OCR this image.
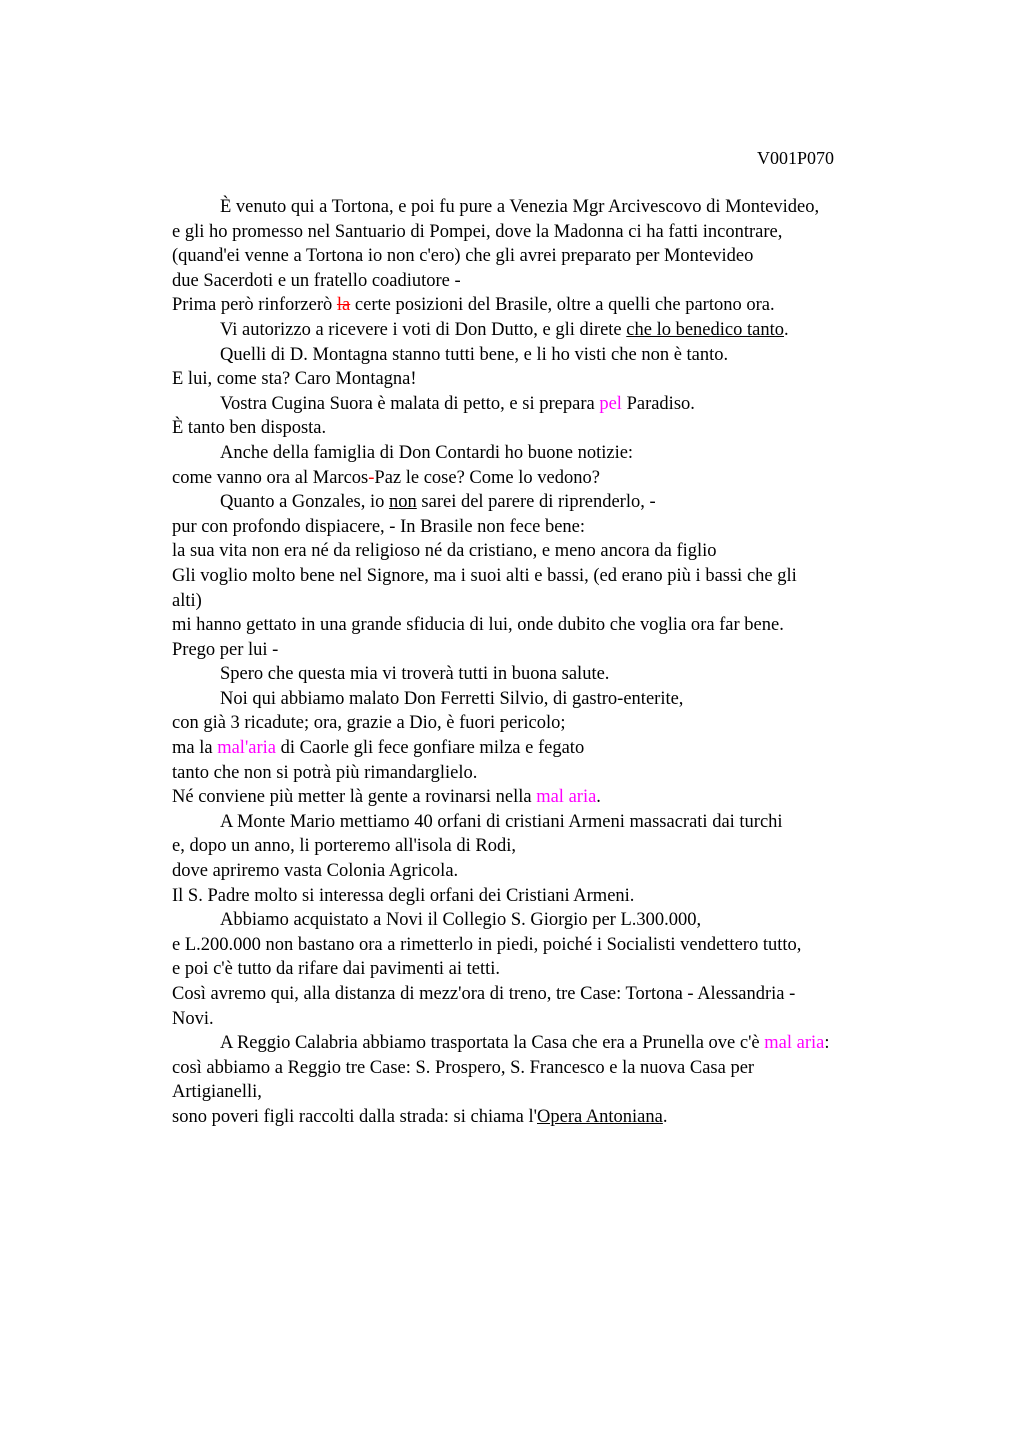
V001P070
È venuto qui a Tortona, e poi fu pure a Venezia Mgr Arcivescovo di Montevideo,
e gli ho promesso nel Santuario di Pompei, dove la Madonna ci ha fatti incontrare,
(quand'ei venne a Tortona io non c'ero) che gli avrei preparato per Montevideo
due Sacerdoti e un fratello coadiutore -
Prima però rinforzerò la certe posizioni del Brasile, oltre a quelli che partono ora.
Vi autorizzo a ricevere i voti di Don Dutto, e gli direte che lo benedico tanto.
Quelli di D. Montagna stanno tutti bene, e li ho visti che non è tanto.
E lui, come sta? Caro Montagna!
Vostra Cugina Suora è malata di petto, e si prepara pel Paradiso.
È tanto ben disposta.
Anche della famiglia di Don Contardi ho buone notizie:
come vanno ora al Marcos-Paz le cose? Come lo vedono?
Quanto a Gonzales, io non sarei del parere di riprenderlo, -
pur con profondo dispiacere, - In Brasile non fece bene:
la sua vita non era né da religioso né da cristiano, e meno ancora da figlio
Gli voglio molto bene nel Signore, ma i suoi alti e bassi, (ed erano più i bassi che gli
alti)
mi hanno gettato in una grande sfiducia di lui, onde dubito che voglia ora far bene.
Prego per lui -
Spero che questa mia vi troverà tutti in buona salute.
Noi qui abbiamo malato Don Ferretti Silvio, di gastro-enterite,
con già 3 ricadute; ora, grazie a Dio, è fuori pericolo;
ma la mal'aria di Caorle gli fece gonfiare milza e fegato
tanto che non si potrà più rimandarglielo.
Né conviene più metter là gente a rovinarsi nella mal aria.
A Monte Mario mettiamo 40 orfani di cristiani Armeni massacrati dai turchi
e, dopo un anno, li porteremo all'isola di Rodi,
dove apriremo vasta Colonia Agricola.
Il S. Padre molto si interessa degli orfani dei Cristiani Armeni.
Abbiamo acquistato a Novi il Collegio S. Giorgio per L.300.000,
e L.200.000 non bastano ora a rimetterlo in piedi, poiché i Socialisti vendettero tutto,
e poi c'è tutto da rifare dai pavimenti ai tetti.
Così avremo qui, alla distanza di mezz'ora di treno, tre Case: Tortona - Alessandria -
Novi.
A Reggio Calabria abbiamo trasportata la Casa che era a Prunella ove c'è mal aria:
così abbiamo a Reggio tre Case: S. Prospero, S. Francesco e la nuova Casa per
Artigianelli,
sono poveri figli raccolti dalla strada: si chiama l'Opera Antoniana.
